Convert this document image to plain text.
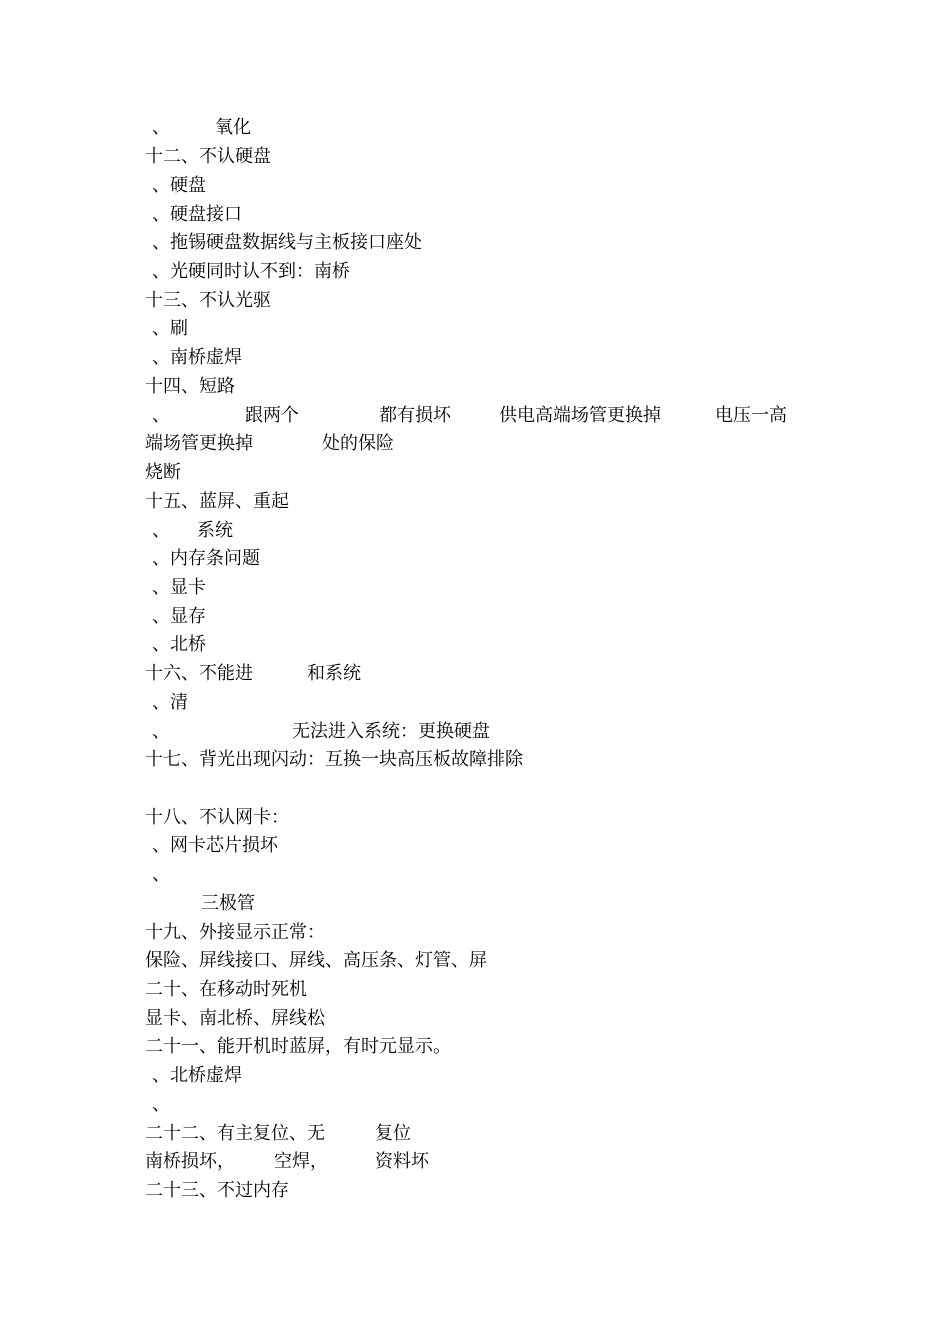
、	氧化
十二、不认硬盘
、硬盘
、硬盘接口
、拖锡硬盘数据线与主板接口座处
、光硬同时认不到：南桥
十三、不认光驱
、刷
、南桥虚焊
十四、短路
、	跟两个	都有损坏	供电高端场管更换掉	电压一高
端场管更换掉	处的保险
烧断
十五、蓝屏、重起
、 系统
、内存条问题
、显卡
、显存
、北桥
十六、不能进	和系统
、清
、	无法进入系统：更换硬盘
十七、背光出现闪动：互换一块高压板故障排除
十八、不认网卡：
、网卡芯片损坏
、
三极管
十九、外接显示正常：
保险、屏线接口、屏线、高压条、灯管、屏
二十、在移动时死机
显卡、南北桥、屏线松
二十一、能开机时蓝屏，有时元显示。
、北桥虚焊
、
二十二、有主复位、无	复位
南桥损坏， 空焊，	资料坏
二十三、不过内存
